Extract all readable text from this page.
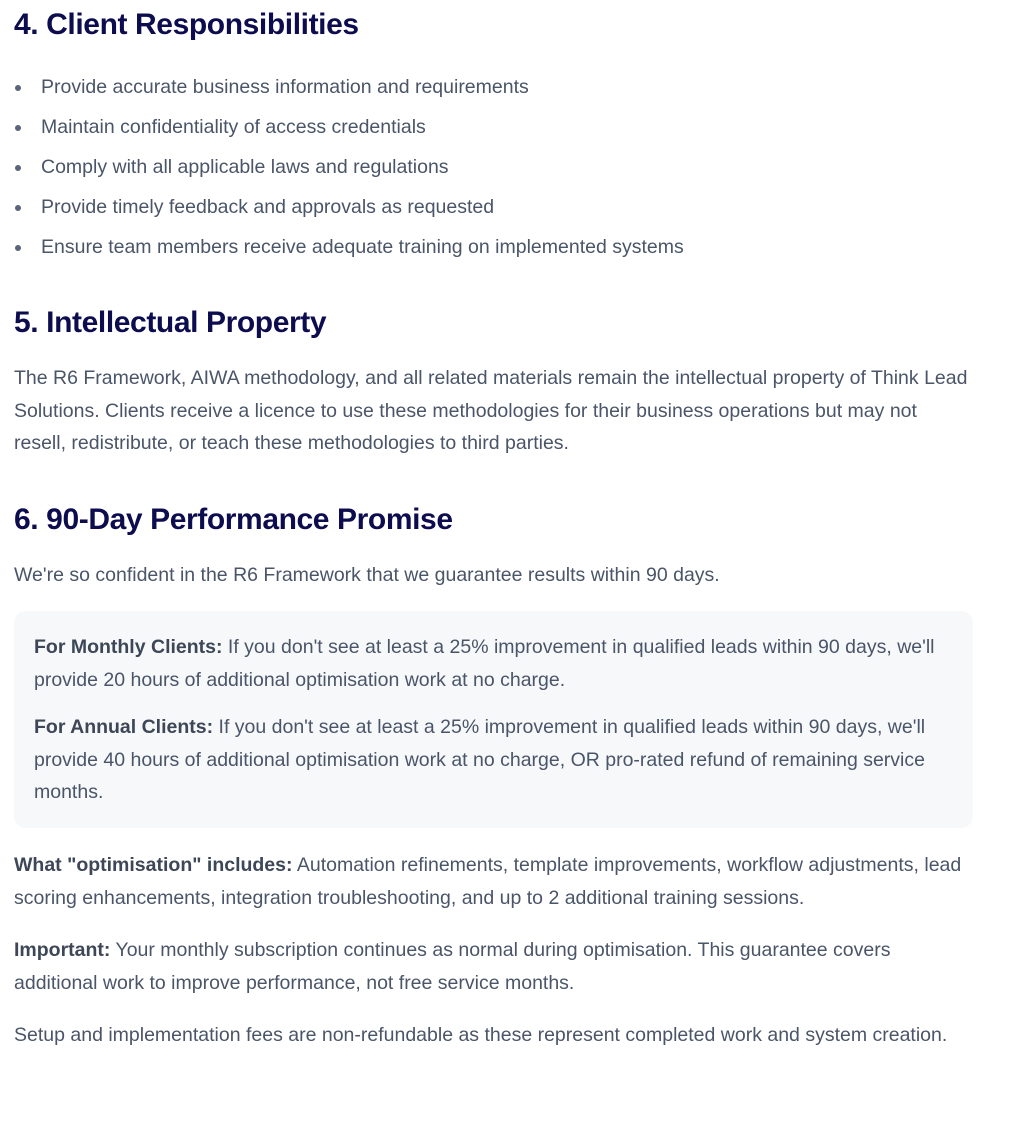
4. Client Responsibilities
Provide accurate business information and requirements
Maintain confidentiality of access credentials
Comply with all applicable laws and regulations
Provide timely feedback and approvals as requested
Ensure team members receive adequate training on implemented systems
5. Intellectual Property

The R6 Framework, AIWA methodology, and all related materials remain the intellectual property of Think Lead Solutions. Clients receive a licence to use these methodologies for their business operations but may not resell, redistribute, or teach these methodologies to third parties.

6. 90-Day Performance Promise

We're so confident in the R6 Framework that we guarantee results within 90 days.

For Monthly Clients: If you don't see at least a 25% improvement in qualified leads within 90 days, we'll provide 20 hours of additional optimisation work at no charge.

For Annual Clients: If you don't see at least a 25% improvement in qualified leads within 90 days, we'll provide 40 hours of additional optimisation work at no charge, OR pro-rated refund of remaining service months.

What "optimisation" includes: Automation refinements, template improvements, workflow adjustments, lead scoring enhancements, integration troubleshooting, and up to 2 additional training sessions.

Important: Your monthly subscription continues as normal during optimisation. This guarantee covers additional work to improve performance, not free service months.

Setup and implementation fees are non-refundable as these represent completed work and system creation.
